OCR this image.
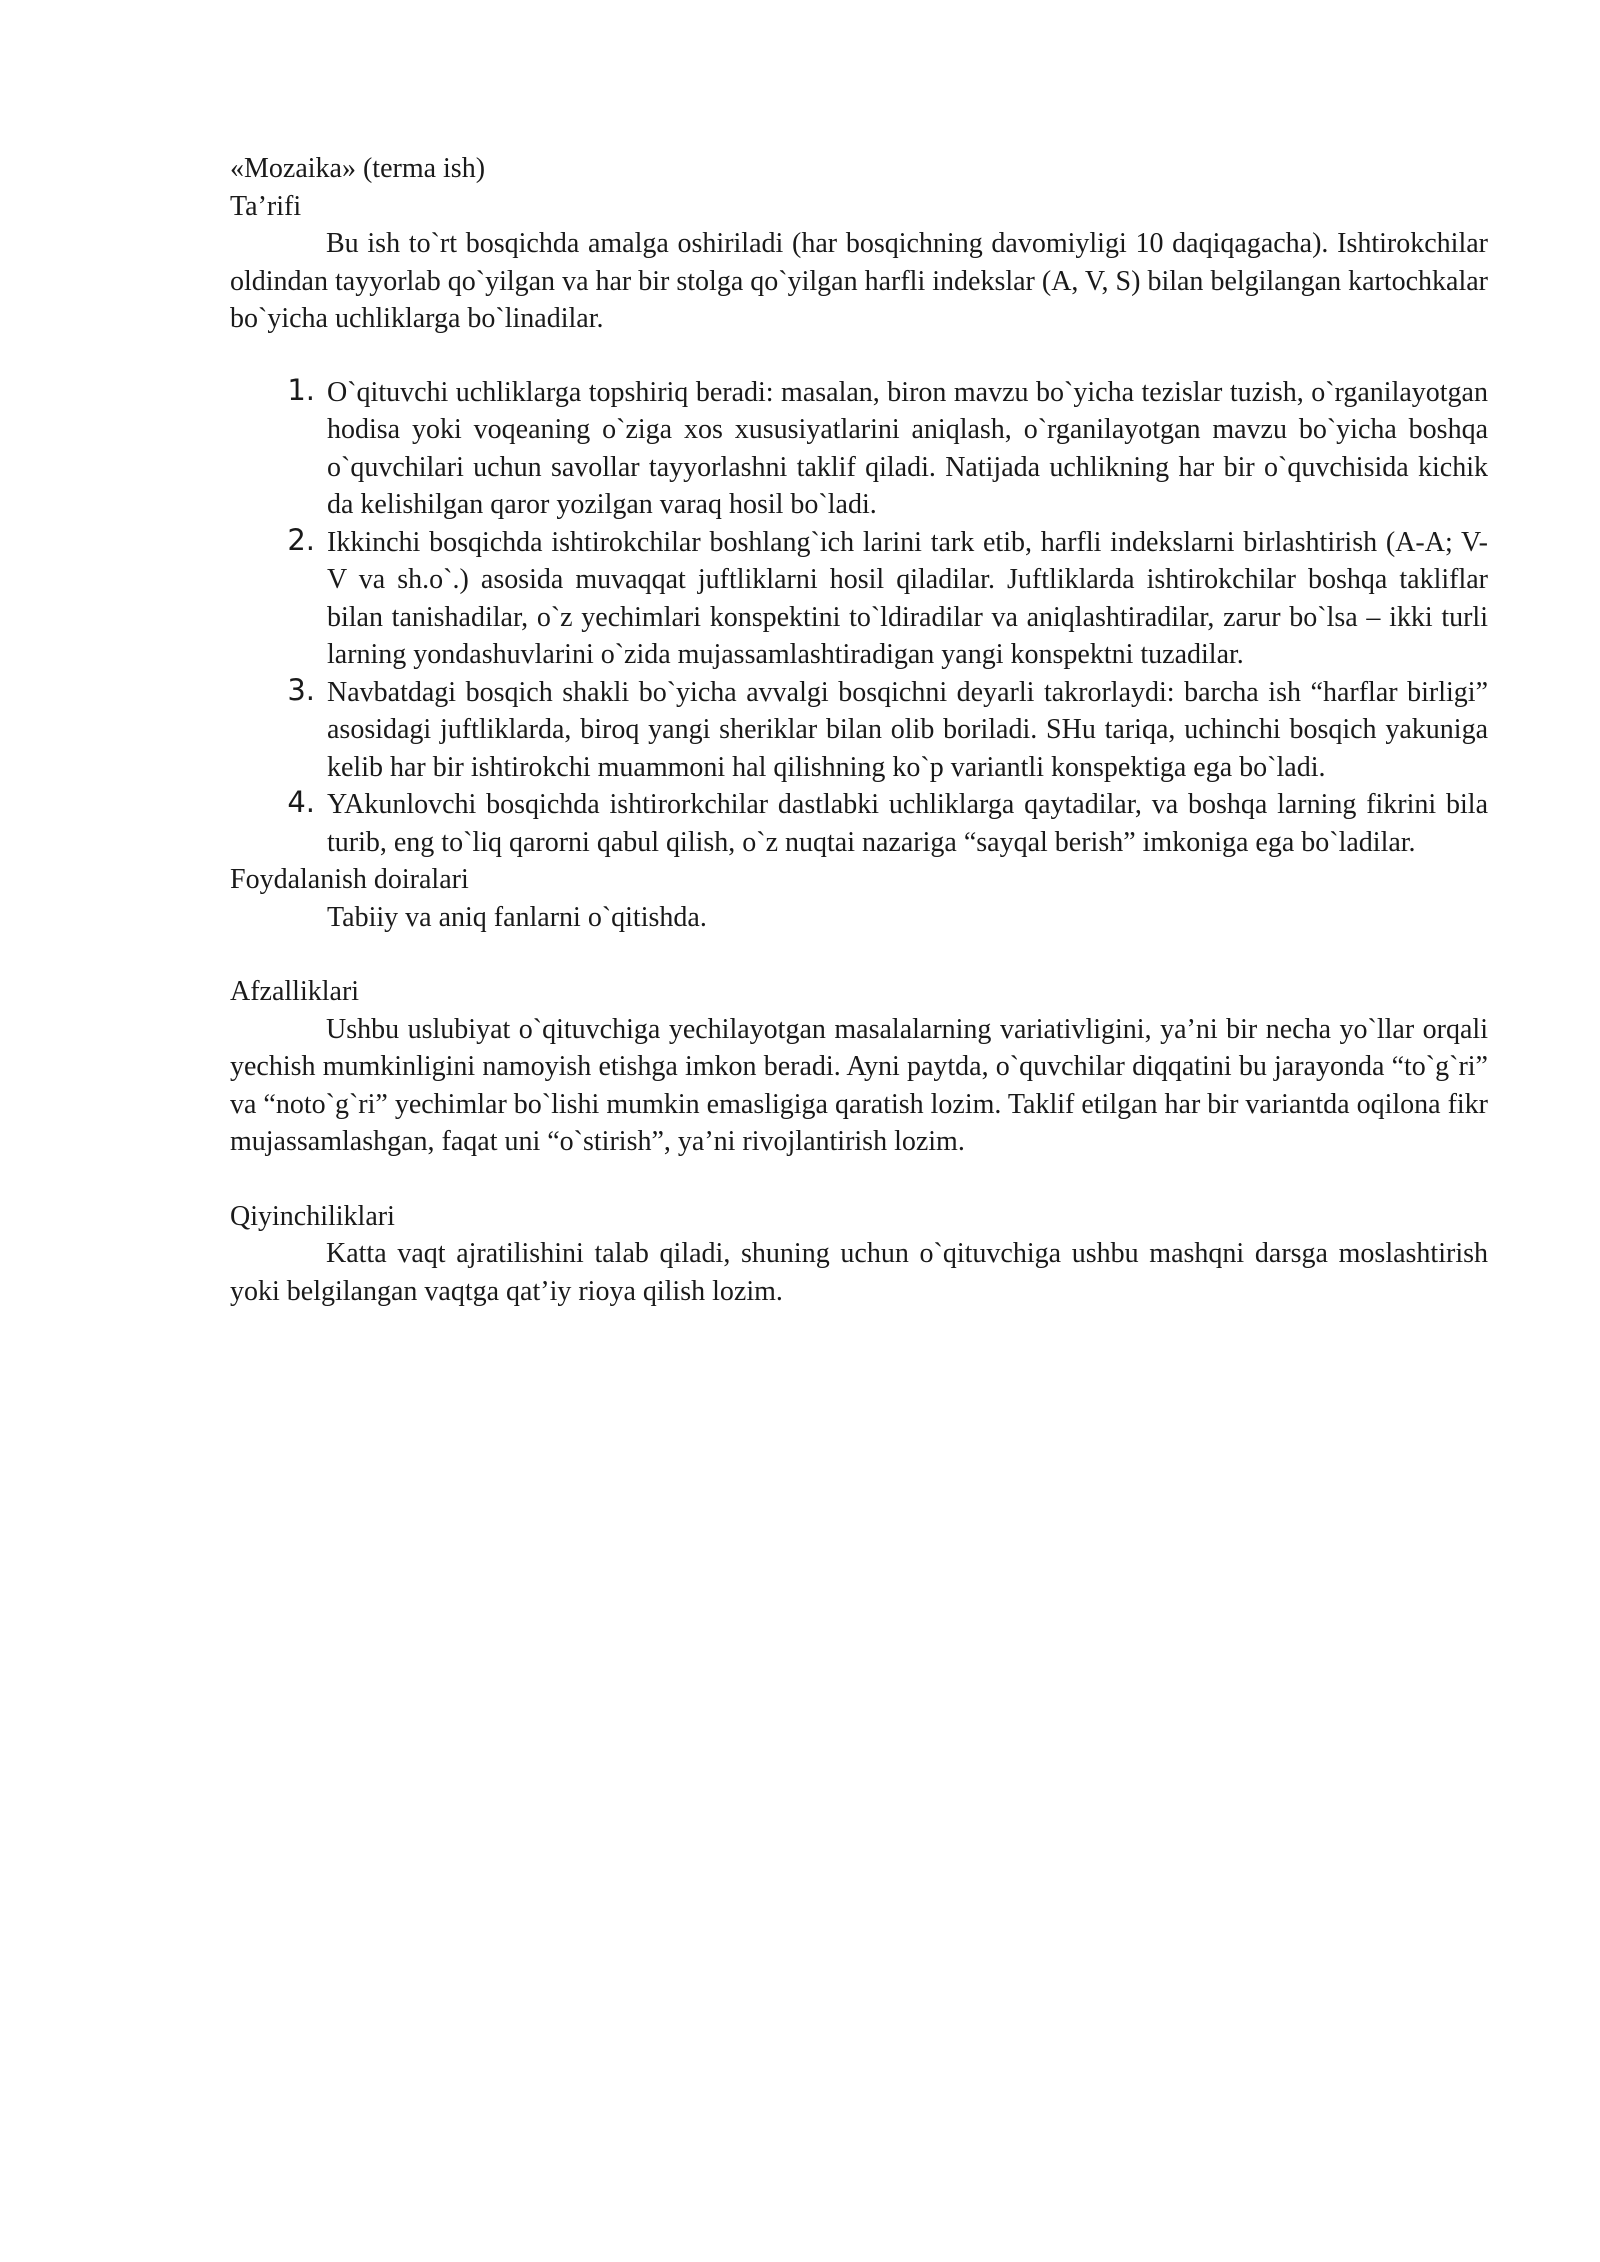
«Mozaika» (terma ish)

Ta’rifi

Bu ish to`rt bosqichda amalga oshiriladi (har bosqichning davomiyligi 10 daqiqagacha). Ishtirokchilar oldindan tayyorlab qo`yilgan va har bir stolga qo`yilgan harfli indekslar (A, V, S) bilan belgilangan kartochkalar bo`yicha uchliklarga bo`linadilar.

1 . O`qituvchi uchliklarga topshiriq beradi: masalan, biron mavzu bo`yicha tezislar tuzish, o`rganilayotgan hodisa yoki voqeaning o`ziga xos xususiyatlarini aniqlash, o`rganilayotgan mavzu bo`yicha boshqa o`quvchilari uchun savollar tayyorlashni taklif qiladi. Natijada uchlikning har bir o`quvchisida kichik da kelishilgan qaror yozilgan varaq hosil bo`ladi.
2 . Ikkinchi bosqichda ishtirokchilar boshlang`ich larini tark etib, harfli indekslarni birlashtirish (A-A; V-V va sh.o`.) asosida muvaqqat juftliklarni hosil qiladilar. Juftliklarda ishtirokchilar boshqa takliflar bilan tanishadilar, o`z yechimlari konspektini to`ldiradilar va aniqlashtiradilar, zarur bo`lsa – ikki turli larning yondashuvlarini o`zida mujassamlashtiradigan yangi konspektni tuzadilar.
3 . Navbatdagi bosqich shakli bo`yicha avvalgi bosqichni deyarli takrorlaydi: barcha ish “harflar birligi” asosidagi juftliklarda, biroq yangi sheriklar bilan olib boriladi. SHu tariqa, uchinchi bosqich yakuniga kelib har bir ishtirokchi muammoni hal qilishning ko`p variantli konspektiga ega bo`ladi.
4 . YAkunlovchi bosqichda ishtirorkchilar dastlabki uchliklarga qaytadilar, va boshqa larning fikrini bila turib, eng to`liq qarorni qabul qilish, o`z nuqtai nazariga “sayqal berish” imkoniga ega bo`ladilar.

Foydalanish doiralari

Tabiiy va aniq fanlarni o`qitishda.

Afzalliklari

Ushbu uslubiyat o`qituvchiga yechilayotgan masalalarning variativligini, ya’ni bir necha yo`llar orqali yechish mumkinligini namoyish etishga imkon beradi. Ayni paytda, o`quvchilar diqqatini bu jarayonda “to`g`ri” va “noto`g`ri” yechimlar bo`lishi mumkin emasligiga qaratish lozim. Taklif etilgan har bir variantda oqilona fikr mujassamlashgan, faqat uni “o`stirish”, ya’ni rivojlantirish lozim.

Qiyinchiliklari

Katta vaqt ajratilishini talab qiladi, shuning uchun o`qituvchiga ushbu mashqni darsga moslashtirish yoki belgilangan vaqtga qat’iy rioya qilish lozim.
